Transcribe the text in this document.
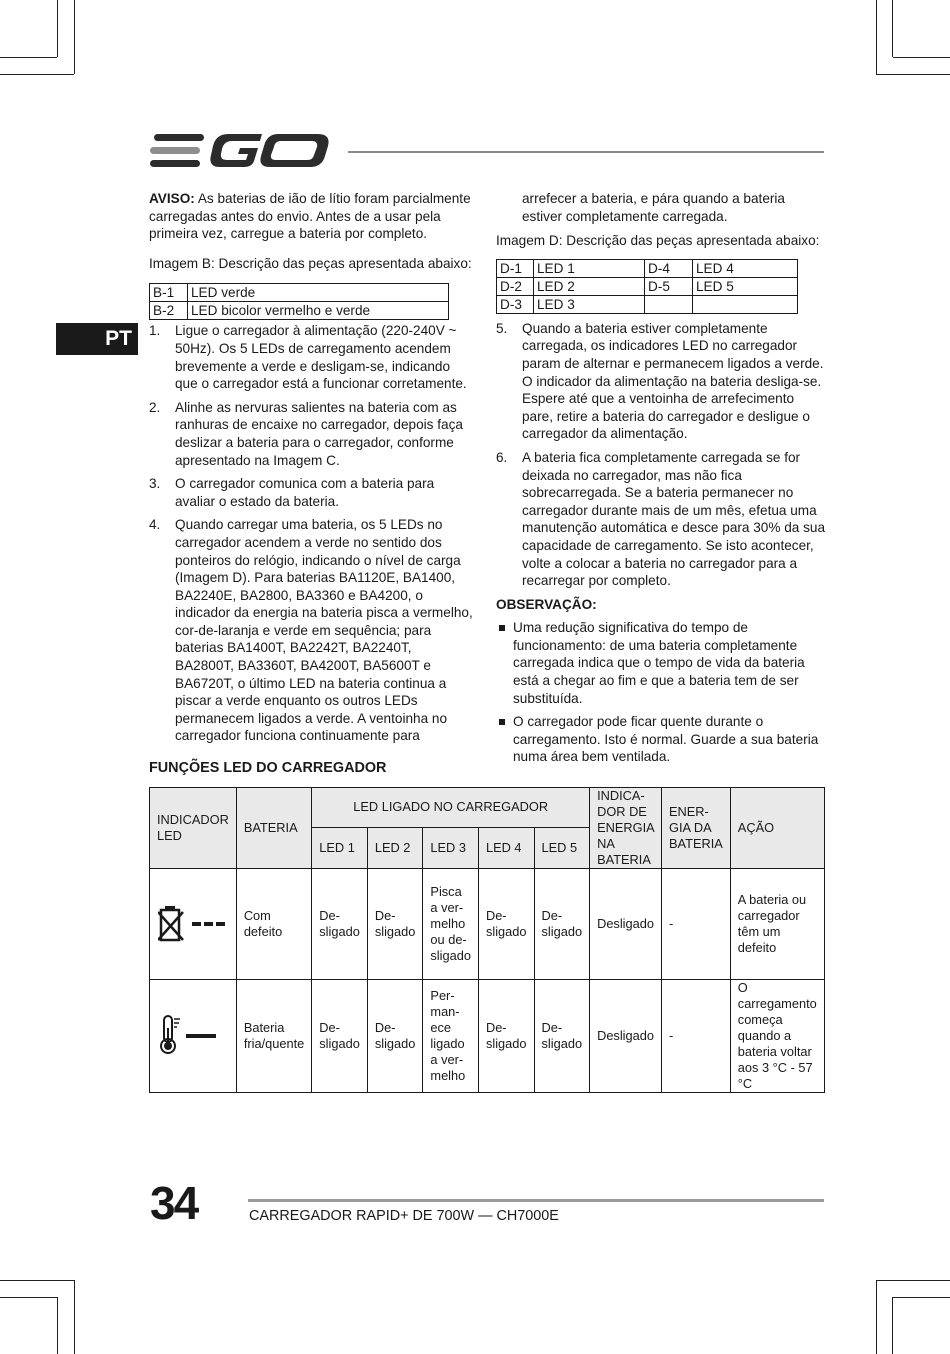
PT

AVISO: As baterias de ião de lítio foram parcialmente carregadas antes do envio. Antes de a usar pela primeira vez, carregue a bateria por completo.

Imagem B: Descrição das peças apresentada abaixo:

B-1	LED verde
B-2	LED bicolor vermelho e verde
1. Ligue o carregador à alimentação (220-240V ~ 50Hz). Os 5 LEDs de carregamento acendem brevemente a verde e desligam-se, indicando que o carregador está a funcionar corretamente.

2. Alinhe as nervuras salientes na bateria com as ranhuras de encaixe no carregador, depois faça deslizar a bateria para o carregador, conforme apresentado na Imagem C.

3. O carregador comunica com a bateria para avaliar o estado da bateria.

4. Quando carregar uma bateria, os 5 LEDs no carregador acendem a verde no sentido dos ponteiros do relógio, indicando o nível de carga (Imagem D). Para baterias BA1120E, BA1400, BA2240E, BA2800, BA3360 e BA4200, o indicador da energia na bateria pisca a vermelho, cor-de-laranja e verde em sequência; para baterias BA1400T, BA2242T, BA2240T, BA2800T, BA3360T, BA4200T, BA5600T e BA6720T, o último LED na bateria continua a piscar a verde enquanto os outros LEDs permanecem ligados a verde. A ventoinha no carregador funciona continuamente para

arrefecer a bateria, e pára quando a bateria estiver completamente carregada.

Imagem D: Descrição das peças apresentada abaixo:

D-1	LED 1	D-4	LED 4
D-2	LED 2	D-5	LED 5
D-3	LED 3		
5. Quando a bateria estiver completamente carregada, os indicadores LED no carregador param de alternar e permanecem ligados a verde. O indicador da alimentação na bateria desliga-se. Espere até que a ventoinha de arrefecimento pare, retire a bateria do carregador e desligue o carregador da alimentação.

6. A bateria fica completamente carregada se for deixada no carregador, mas não fica sobrecarregada. Se a bateria permanecer no carregador durante mais de um mês, efetua uma manutenção automática e desce para 30% da sua capacidade de carregamento. Se isto acontecer, volte a colocar a bateria no carregador para a recarregar por completo.

OBSERVAÇÃO:

Uma redução significativa do tempo de funcionamento: de uma bateria completamente carregada indica que o tempo de vida da bateria está a chegar ao fim e que a bateria tem de ser substituída.

O carregador pode ficar quente durante o carregamento. Isto é normal. Guarde a sua bateria numa área bem ventilada.

FUNÇÕES LED DO CARREGADOR
INDICADOR LED	BATERIA	LED LIGADO NO CARREGADOR					INDICA-DOR DE ENERGIA NA BATERIA	ENER-GIA DA BATERIA	AÇÃO
		LED 1	LED 2	LED 3	LED 4	LED 5			
	Com defeito	De-sligado	De-sligado	Pisca a ver-melho ou de-sligado	De-sligado	De-sligado	Desligado	-	A bateria ou carregador têm um defeito
	Bateria fria/quente	De-sligado	De-sligado	Per-man-ece ligado a ver-melho	De-sligado	De-sligado	Desligado	-	O carregamento começa quando a bateria voltar aos 3 °C - 57 °C
34	CARREGADOR RAPID+ DE 700W — CH7000E
